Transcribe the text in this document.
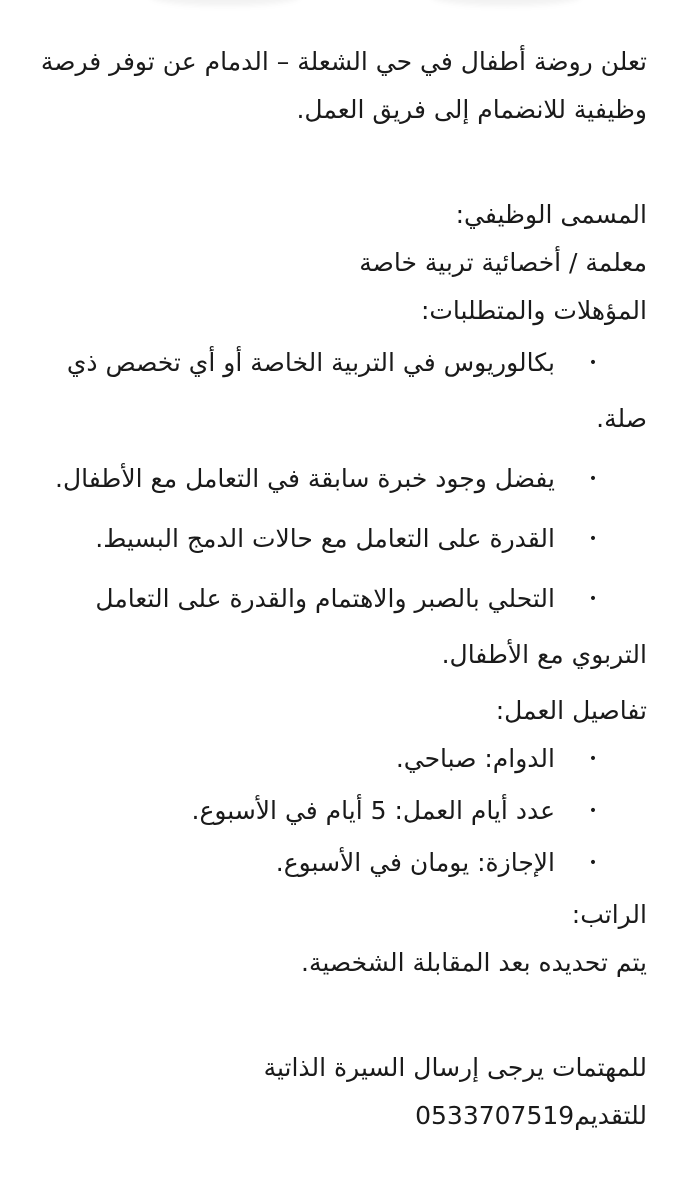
تعلن روضة أطفال في حي الشعلة – الدمام عن توفر فرصة وظيفية للانضمام إلى فريق العمل.

المسمى الوظيفي:

معلمة / أخصائية تربية خاصة

المؤهلات والمتطلبات:

•
بكالوريوس في التربية الخاصة أو أي تخصص ذي صلة.
•
يفضل وجود خبرة سابقة في التعامل مع الأطفال.
•
القدرة على التعامل مع حالات الدمج البسيط.
•
التحلي بالصبر والاهتمام والقدرة على التعامل التربوي مع الأطفال.

تفاصيل العمل:

•
الدوام: صباحي.
•
عدد أيام العمل: 5 أيام في الأسبوع.
•
الإجازة: يومان في الأسبوع.

الراتب:

يتم تحديده بعد المقابلة الشخصية.

للمهتمات يرجى إرسال السيرة الذاتية

للتقديم0533707519
